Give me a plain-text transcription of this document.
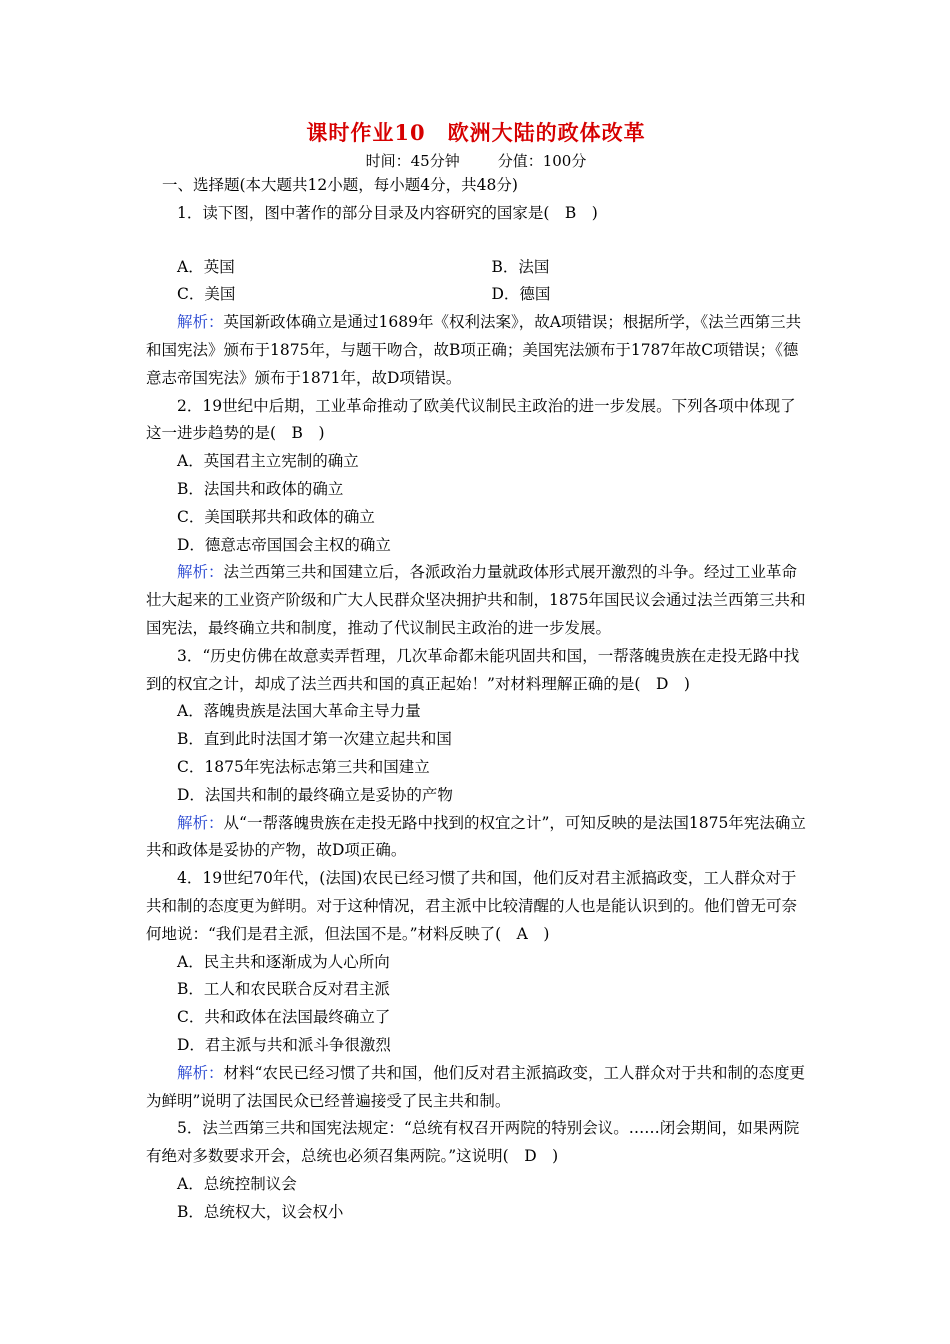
课时作业10　欧洲大陆的政体改革
时间：45分钟	分值：100分

一、选择题(本大题共12小题，每小题4分，共48分)

1．读下图，图中著作的部分目录及内容研究的国家是(　B　)

A．英国	B．法国
C．美国	D．德国

解析：英国新政体确立是通过1689年《权利法案》，故A项错误；根据所学，《法兰西第三共和国宪法》颁布于1875年，与题干吻合，故B项正确；美国宪法颁布于1787年故C项错误；《德意志帝国宪法》颁布于1871年，故D项错误。

2．19世纪中后期，工业革命推动了欧美代议制民主政治的进一步发展。下列各项中体现了这一进步趋势的是(　B　)

A．英国君主立宪制的确立

B．法国共和政体的确立

C．美国联邦共和政体的确立

D．德意志帝国国会主权的确立

解析：法兰西第三共和国建立后，各派政治力量就政体形式展开激烈的斗争。经过工业革命壮大起来的工业资产阶级和广大人民群众坚决拥护共和制，1875年国民议会通过法兰西第三共和国宪法，最终确立共和制度，推动了代议制民主政治的进一步发展。

3．“历史仿佛在故意卖弄哲理，几次革命都未能巩固共和国，一帮落魄贵族在走投无路中找到的权宜之计，却成了法兰西共和国的真正起始！”对材料理解正确的是(　D　)

A．落魄贵族是法国大革命主导力量

B．直到此时法国才第一次建立起共和国

C．1875年宪法标志第三共和国建立

D．法国共和制的最终确立是妥协的产物

解析：从“一帮落魄贵族在走投无路中找到的权宜之计”，可知反映的是法国1875年宪法确立共和政体是妥协的产物，故D项正确。

4．19世纪70年代，(法国)农民已经习惯了共和国，他们反对君主派搞政变，工人群众对于共和制的态度更为鲜明。对于这种情况，君主派中比较清醒的人也是能认识到的。他们曾无可奈何地说：“我们是君主派，但法国不是。”材料反映了(　A　)

A．民主共和逐渐成为人心所向

B．工人和农民联合反对君主派

C．共和政体在法国最终确立了

D．君主派与共和派斗争很激烈

解析：材料“农民已经习惯了共和国，他们反对君主派搞政变，工人群众对于共和制的态度更为鲜明”说明了法国民众已经普遍接受了民主共和制。

5．法兰西第三共和国宪法规定：“总统有权召开两院的特别会议。……闭会期间，如果两院有绝对多数要求开会，总统也必须召集两院。”这说明(　D　)

A．总统控制议会

B．总统权大，议会权小
